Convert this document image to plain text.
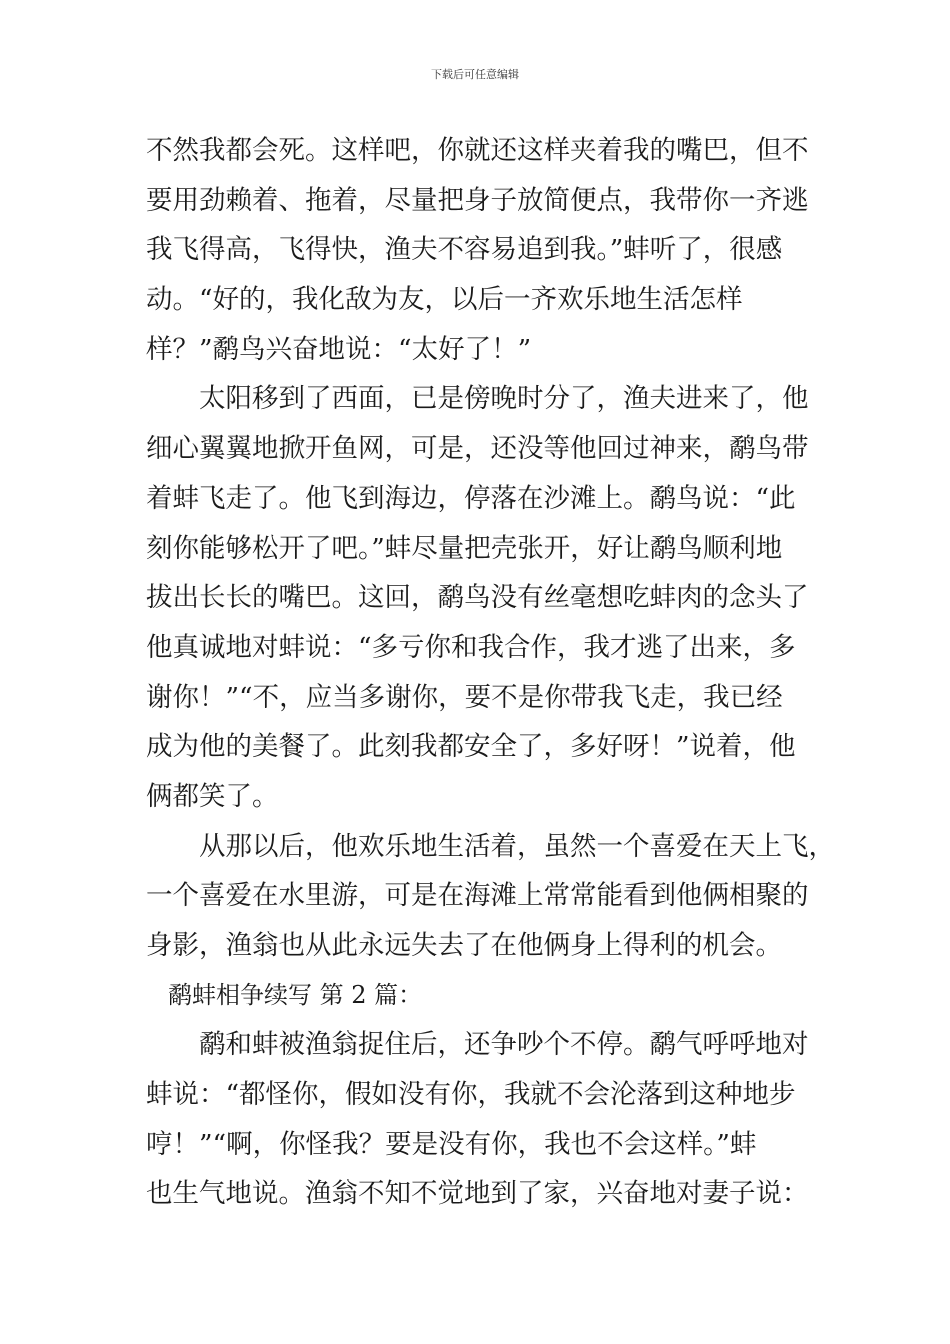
下载后可任意编辑
不然我都会死。这样吧，你就还这样夹着我的嘴巴，但不
要用劲赖着、拖着，尽量把身子放简便点，我带你一齐逃
我飞得高，飞得快，渔夫不容易追到我。”蚌听了，很感
动。“好的，我化敌为友，以后一齐欢乐地生活怎样
样？”鹬鸟兴奋地说：“太好了！”
　　太阳移到了西面，已是傍晚时分了，渔夫进来了，他
细心翼翼地掀开鱼网，可是，还没等他回过神来，鹬鸟带
着蚌飞走了。他飞到海边，停落在沙滩上。鹬鸟说：“此
刻你能够松开了吧。”蚌尽量把壳张开，好让鹬鸟顺利地
拔出长长的嘴巴。这回，鹬鸟没有丝毫想吃蚌肉的念头了
他真诚地对蚌说：“多亏你和我合作，我才逃了出来，多
谢你！”“不，应当多谢你，要不是你带我飞走，我已经
成为他的美餐了。此刻我都安全了，多好呀！”说着，他
俩都笑了。
　　从那以后，他欢乐地生活着，虽然一个喜爱在天上飞，
一个喜爱在水里游，可是在海滩上常常能看到他俩相聚的
身影，渔翁也从此永远失去了在他俩身上得利的机会。
鹬蚌相争续写 第 2 篇：
　　鹬和蚌被渔翁捉住后，还争吵个不停。鹬气呼呼地对
蚌说：“都怪你，假如没有你，我就不会沦落到这种地步
哼！”“啊，你怪我？要是没有你，我也不会这样。”蚌
也生气地说。渔翁不知不觉地到了家，兴奋地对妻子说：
